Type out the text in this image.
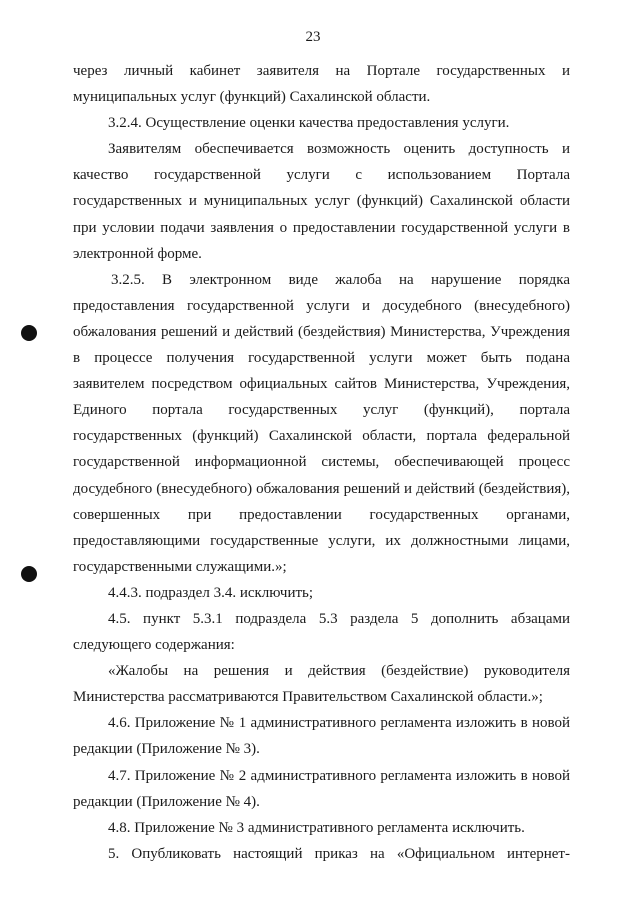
23

через личный кабинет заявителя на Портале государственных и муниципальных услуг (функций) Сахалинской области.

3.2.4. Осуществление оценки качества предоставления услуги.

Заявителям обеспечивается возможность оценить доступность и качество государственной услуги с использованием Портала государственных и муниципальных услуг (функций) Сахалинской области при условии подачи заявления о предоставлении государственной услуги в электронной форме.

3.2.5. В электронном виде жалоба на нарушение порядка предоставления государственной услуги и досудебного (внесудебного) обжалования решений и действий (бездействия) Министерства, Учреждения в процессе получения государственной услуги может быть подана заявителем посредством официальных сайтов Министерства, Учреждения, Единого портала государственных услуг (функций), портала государственных (функций) Сахалинской области, портала федеральной государственной информационной системы, обеспечивающей процесс досудебного (внесудебного) обжалования решений и действий (бездействия), совершенных при предоставлении государственных органами, предоставляющими государственные услуги, их должностными лицами, государственными служащими.»;

4.4.3. подраздел 3.4. исключить;

4.5. пункт 5.3.1 подраздела 5.3 раздела 5 дополнить абзацами следующего содержания:

«Жалобы на решения и действия (бездействие) руководителя Министерства рассматриваются Правительством Сахалинской области.»;

4.6. Приложение № 1 административного регламента изложить в новой редакции (Приложение № 3).

4.7. Приложение № 2 административного регламента изложить в новой редакции (Приложение № 4).

4.8. Приложение № 3 административного регламента исключить.

5. Опубликовать настоящий приказ на «Официальном интернет-
